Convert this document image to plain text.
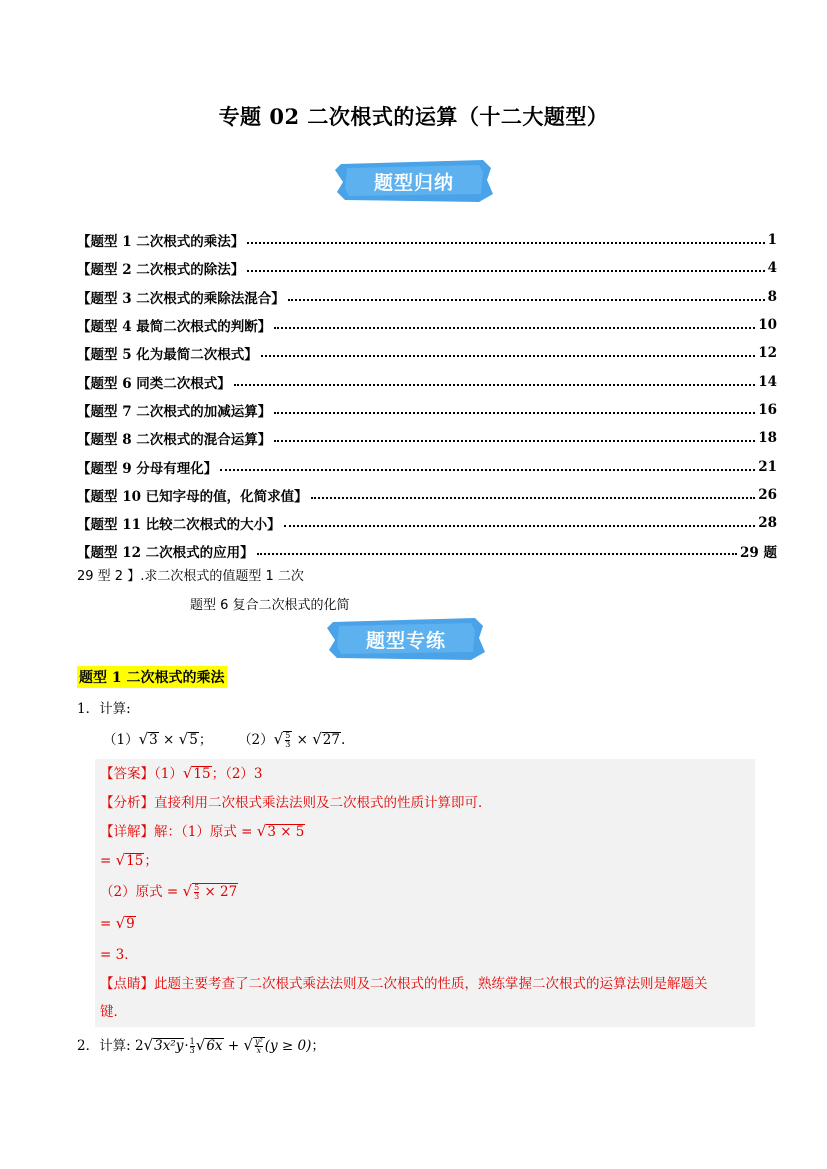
专题 02 二次根式的运算（十二大题型）
题型归纳
【题型 1 二次根式的乘法】	1
【题型 2 二次根式的除法】	4
【题型 3 二次根式的乘除法混合】	8
【题型 4 最简二次根式的判断】	10
【题型 5 化为最简二次根式】	12
【题型 6 同类二次根式】	14
【题型 7 二次根式的加减运算】	16
【题型 8 二次根式的混合运算】	18
【题型 9 分母有理化】	21
【题型 10 已知字母的值，化简求值】	26
【题型 11 比较二次根式的大小】	28
【题型 12 二次根式的应用】	29 题
29 型 2 】.求二次根式的值题型 1 二次
题型 6 复合二次根式的化简
题型专练
题型 1 二次根式的乘法
1．计算:
（1）√3 × √5； $(2)√ \frac{5}{3} \times √27$.
【答案】（1）√15；（2）3
【分析】直接利用二次根式乘法法则及二次根式的性质计算即可．
【详解】解：（1）原式 = √3 × 5
= √15；
（2）原式 = √ $\frac{5}{3} \times 27$
= √9
= 3．
【点睛】此题主要考查了二次根式乘法法则及二次根式的性质，熟练掌握二次根式的运算法则是解题关
键．
2．计算: $2√3x^2y\cdot \frac{1}{3} √6x$ + √ $\frac{\text{y²}}{x} (y \ge 0)$；
